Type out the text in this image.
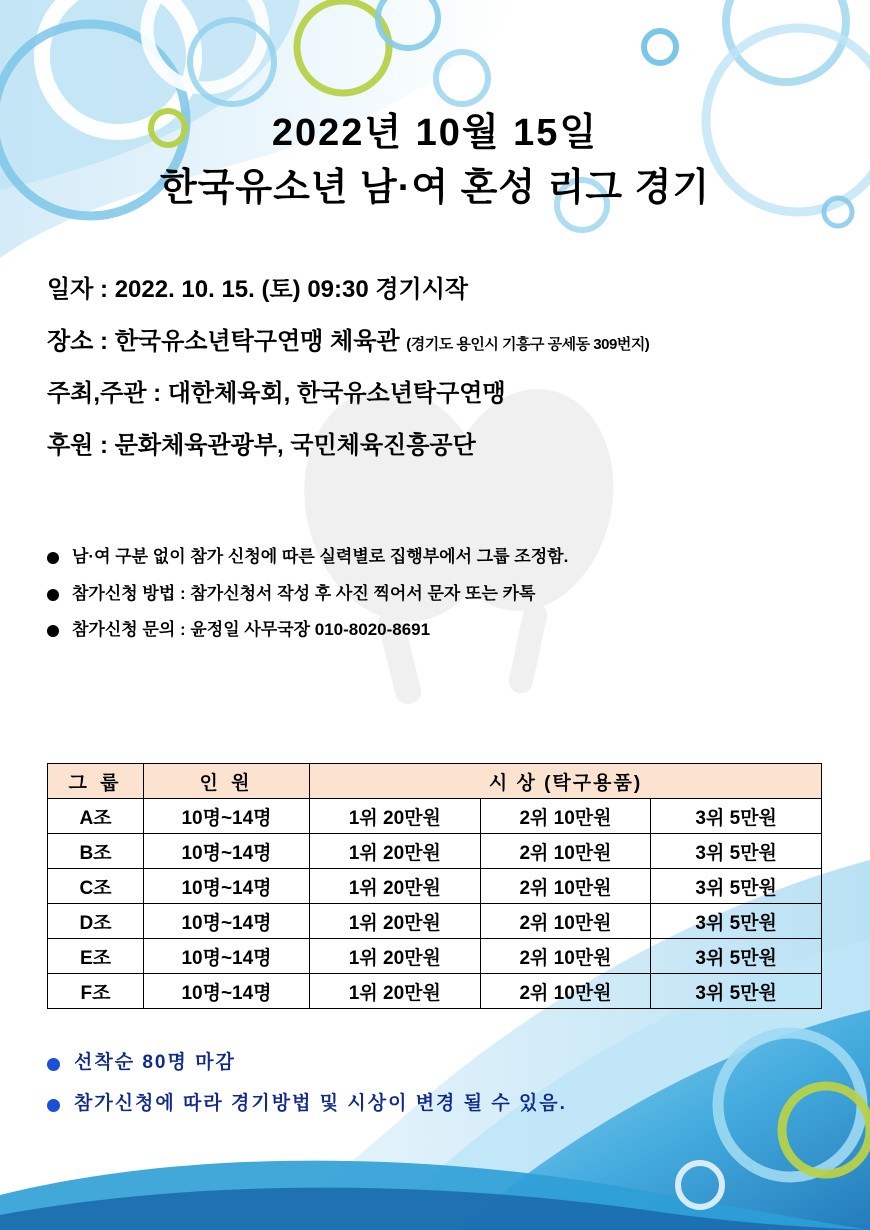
2022년 10월 15일
한국유소년 남·여 혼성 리그 경기
일자 : 2022. 10. 15. (토) 09:30 경기시작
장소 : 한국유소년탁구연맹 체육관 (경기도 용인시 기흥구 공세동 309번지)
주최,주관 : 대한체육회, 한국유소년탁구연맹
후원 : 문화체육관광부, 국민체육진흥공단
남·여 구분 없이 참가 신청에 따른 실력별로 집행부에서 그룹 조정함.
참가신청 방법 : 참가신청서 작성 후 사진 찍어서 문자 또는 카톡
참가신청 문의 : 윤정일 사무국장 010-8020-8691
그 룹	인 원	시 상 (탁구용품)		
A조	10명~14명	1위 20만원	2위 10만원	3위 5만원
B조	10명~14명	1위 20만원	2위 10만원	3위 5만원
C조	10명~14명	1위 20만원	2위 10만원	3위 5만원
D조	10명~14명	1위 20만원	2위 10만원	3위 5만원
E조	10명~14명	1위 20만원	2위 10만원	3위 5만원
F조	10명~14명	1위 20만원	2위 10만원	3위 5만원
선착순 80명 마감
참가신청에 따라 경기방법 및 시상이 변경 될 수 있음.
